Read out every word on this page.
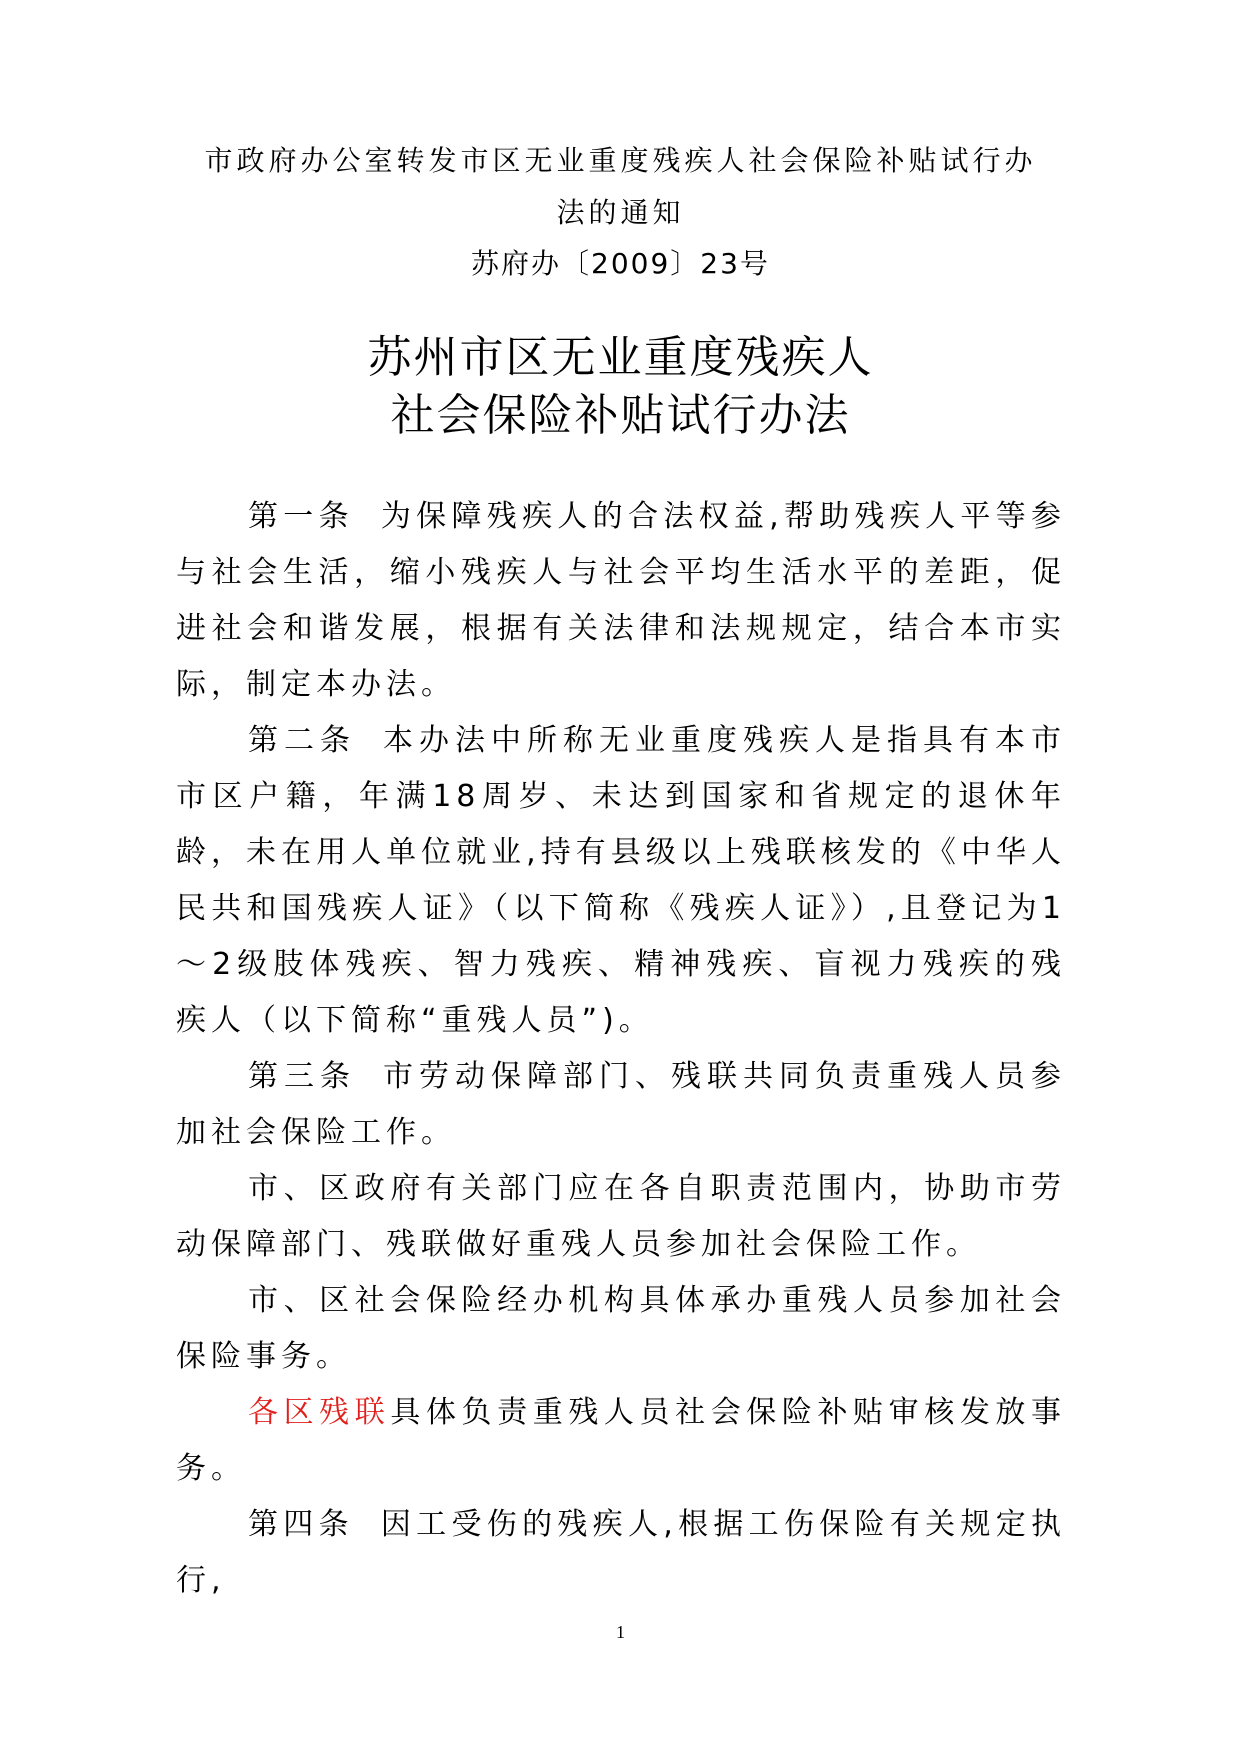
市政府办公室转发市区无业重度残疾人社会保险补贴试行办
法的通知
苏府办〔2009〕23号
苏州市区无业重度残疾人
社会保险补贴试行办法

第一条 为保障残疾人的合法权益,帮助残疾人平等参与社会生活，缩小残疾人与社会平均生活水平的差距，促进社会和谐发展，根据有关法律和法规规定，结合本市实际，制定本办法。

第二条 本办法中所称无业重度残疾人是指具有本市市区户籍，年满18周岁、未达到国家和省规定的退休年龄，未在用人单位就业,持有县级以上残联核发的《中华人民共和国残疾人证》（以下简称《残疾人证》）,且登记为1～2级肢体残疾、智力残疾、精神残疾、盲视力残疾的残疾人（以下简称“重残人员”)。

第三条 市劳动保障部门、残联共同负责重残人员参加社会保险工作。

市、区政府有关部门应在各自职责范围内，协助市劳动保障部门、残联做好重残人员参加社会保险工作。

市、区社会保险经办机构具体承办重残人员参加社会保险事务。

各区残联具体负责重残人员社会保险补贴审核发放事务。

第四条 因工受伤的残疾人,根据工伤保险有关规定执行,

1
